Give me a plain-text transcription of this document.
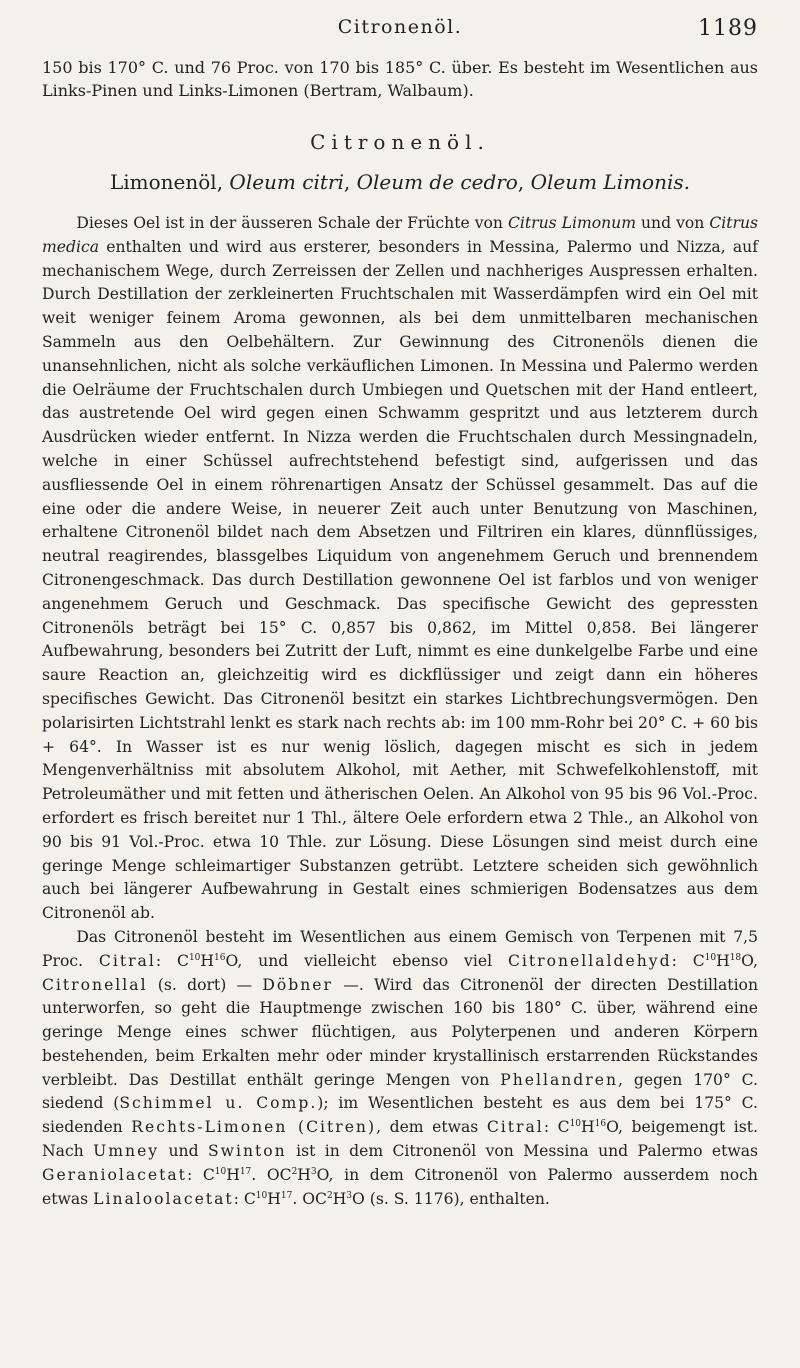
Citronenöl.	1189
150 bis 170° C. und 76 Proc. von 170 bis 185° C. über. Es besteht im Wesentlichen aus Links-Pinen und Links-Limonen (Bertram, Walbaum).
Citronenöl.
Limonenöl, Oleum citri, Oleum de cedro, Oleum Limonis.

Dieses Oel ist in der äusseren Schale der Früchte von Citrus Limonum und von Citrus medica enthalten und wird aus ersterer, besonders in Messina, Palermo und Nizza, auf mechanischem Wege, durch Zerreissen der Zellen und nachheriges Auspressen erhalten. Durch Destillation der zerkleinerten Fruchtschalen mit Wasserdämpfen wird ein Oel mit weit weniger feinem Aroma gewonnen, als bei dem unmittelbaren mechanischen Sammeln aus den Oelbehältern. Zur Gewinnung des Citronenöls dienen die unansehnlichen, nicht als solche verkäuflichen Limonen. In Messina und Palermo werden die Oelräume der Fruchtschalen durch Umbiegen und Quetschen mit der Hand entleert, das austretende Oel wird gegen einen Schwamm gespritzt und aus letzterem durch Ausdrücken wieder entfernt. In Nizza werden die Fruchtschalen durch Messingnadeln, welche in einer Schüssel aufrechtstehend befestigt sind, aufgerissen und das ausfliessende Oel in einem röhrenartigen Ansatz der Schüssel gesammelt. Das auf die eine oder die andere Weise, in neuerer Zeit auch unter Benutzung von Maschinen, erhaltene Citronenöl bildet nach dem Absetzen und Filtriren ein klares, dünnflüssiges, neutral reagirendes, blassgelbes Liquidum von angenehmem Geruch und brennendem Citronengeschmack. Das durch Destillation gewonnene Oel ist farblos und von weniger angenehmem Geruch und Geschmack. Das specifische Gewicht des gepressten Citronenöls beträgt bei 15° C. 0,857 bis 0,862, im Mittel 0,858. Bei längerer Aufbewahrung, besonders bei Zutritt der Luft, nimmt es eine dunkelgelbe Farbe und eine saure Reaction an, gleichzeitig wird es dickflüssiger und zeigt dann ein höheres specifisches Gewicht. Das Citronenöl besitzt ein starkes Lichtbrechungsvermögen. Den polarisirten Lichtstrahl lenkt es stark nach rechts ab: im 100 mm-Rohr bei 20° C. + 60 bis + 64°. In Wasser ist es nur wenig löslich, dagegen mischt es sich in jedem Mengenverhältniss mit absolutem Alkohol, mit Aether, mit Schwefelkohlenstoff, mit Petroleumäther und mit fetten und ätherischen Oelen. An Alkohol von 95 bis 96 Vol.-Proc. erfordert es frisch bereitet nur 1 Thl., ältere Oele erfordern etwa 2 Thle., an Alkohol von 90 bis 91 Vol.-Proc. etwa 10 Thle. zur Lösung. Diese Lösungen sind meist durch eine geringe Menge schleimartiger Substanzen getrübt. Letztere scheiden sich gewöhnlich auch bei längerer Aufbewahrung in Gestalt eines schmierigen Bodensatzes aus dem Citronenöl ab.

Das Citronenöl besteht im Wesentlichen aus einem Gemisch von Terpenen mit 7,5 Proc. Citral: $C^{10}H^{16}O$, und vielleicht ebenso viel Citronellaldehyd: $C^{10}H^{18}O$, Citronellal (s. dort) — Döbner —. Wird das Citronenöl der directen Destillation unterworfen, so geht die Hauptmenge zwischen 160 bis 180° C. über, während eine geringe Menge eines schwer flüchtigen, aus Polyterpenen und anderen Körpern bestehenden, beim Erkalten mehr oder minder krystallinisch erstarrenden Rückstandes verbleibt. Das Destillat enthält geringe Mengen von Phellandren, gegen 170° C. siedend (Schimmel u. Comp.); im Wesentlichen besteht es aus dem bei 175° C. siedenden Rechts-Limonen (Citren), dem etwas Citral: $C^{10}H^{16}O$, beigemengt ist. Nach Umney und Swinton ist in dem Citronenöl von Messina und Palermo etwas Geraniolacetat: $C^{10}H^{17}$. $OC^2H^3O$, in dem Citronenöl von Palermo ausserdem noch etwas Linaloolacetat: $C^{10}H^{17}$. $OC^2H^3O$ (s. S. 1176), enthalten.
